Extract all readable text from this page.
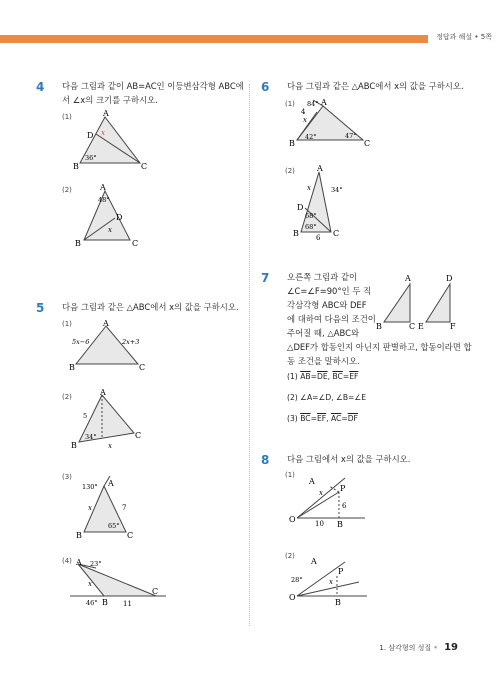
정답과 해설 • 5쪽
4 다음 그림과 같이 AB=AC인 이등변삼각형 ABC에
서 ∠x의 크기를 구하시오.
(1)	A
B	C
D x
36°
(2)	A
B	C
D
x
48°
5 다음 그림과 같은 △ABC에서 x의 값을 구하시오.
(1)	A
B	C
5x−6	2x+3
(2)	A
B
C
5
34°
x
(3)
A
B	C
130°
65°
x	7
(4) A
B
C
23°
46°
x
11
6 다음 그림과 같은 △ABC에서 x의 값을 구하시오.
(1)	A
B	C
84°
42°	47°
x
4
(2)	A
B	C
D
34°
68°
68°
x
6
7 오른쪽 그림과 같이
∠C=∠F=90°인 두 직
각삼각형 ABC와 DEF
에 대하여 다음의 조건이
주어질 때, △ABC와
△DEF가 합동인지 아닌지 판별하고, 합동이라면 합
동 조건을 말하시오.
A
B	C
D
E	F
(1) $\overline{AB}=\overline{DE}$, $\overline{BC}=\overline{EF}$
(2) ∠A=∠D, ∠B=∠E
(3) $\overline{BC}=\overline{EF}$, $\overline{AC}=\overline{DF}$
8 다음 그림에서 x의 값을 구하시오.
(1)
A
B
O
P
x
6
10
(2)
A
B
O
P
x
28°
1. 삼각형의 성질 • 19
